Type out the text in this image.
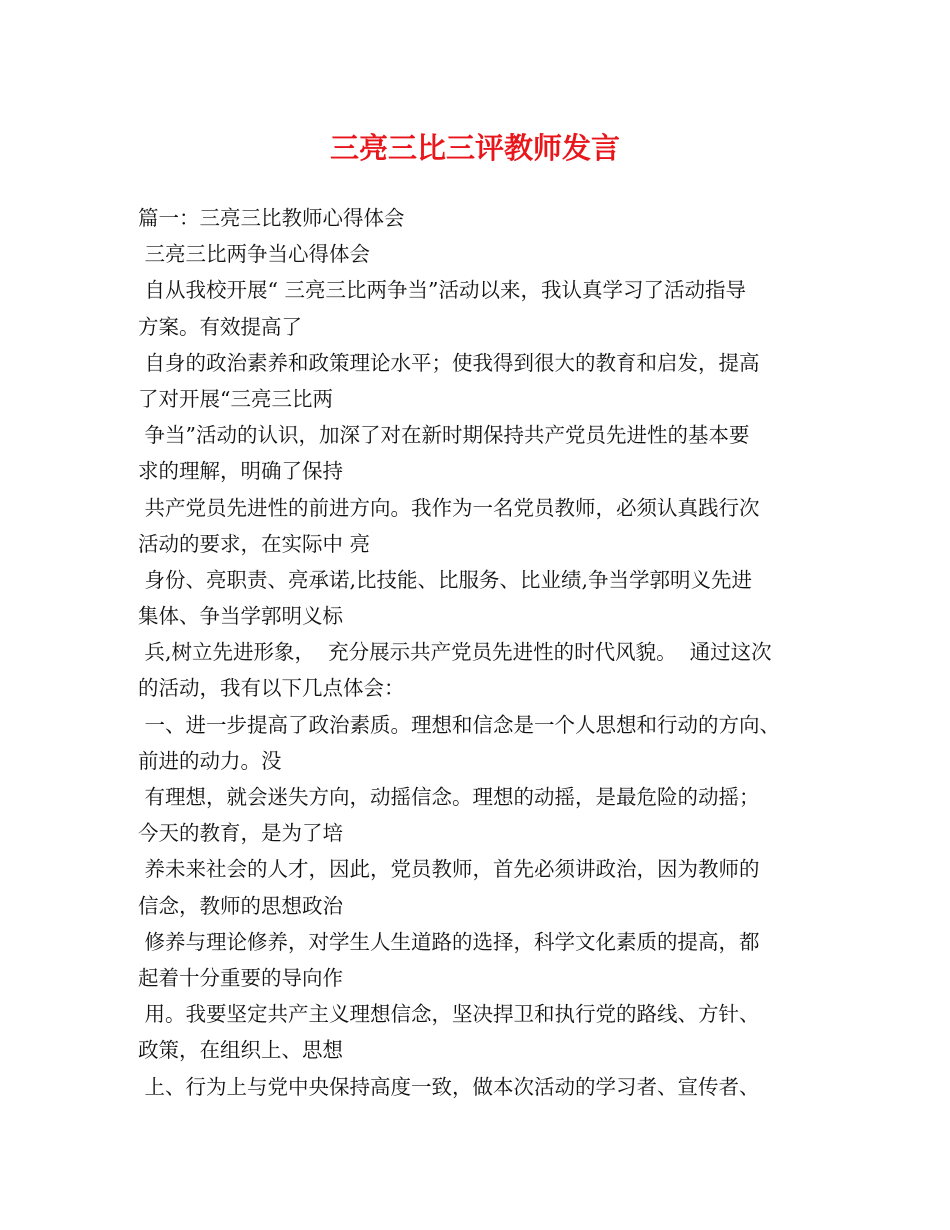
三亮三比三评教师发言
篇一：三亮三比教师心得体会
三亮三比两争当心得体会
自从我校开展“ 三亮三比两争当”活动以来，我认真学习了活动指导
方案。有效提高了
自身的政治素养和政策理论水平；使我得到很大的教育和启发，提高
了对开展“三亮三比两
争当”活动的认识，加深了对在新时期保持共产党员先进性的基本要
求的理解，明确了保持
共产党员先进性的前进方向。我作为一名党员教师，必须认真践行次
活动的要求，在实际中 亮
身份、亮职责、亮承诺,比技能、比服务、比业绩,争当学郭明义先进
集体、争当学郭明义标
兵,树立先进形象，  充分展示共产党员先进性的时代风貌。  通过这次
的活动，我有以下几点体会：
一、进一步提高了政治素质。理想和信念是一个人思想和行动的方向、
前进的动力。没
有理想，就会迷失方向，动摇信念。理想的动摇，是最危险的动摇；
今天的教育，是为了培
养未来社会的人才，因此，党员教师，首先必须讲政治，因为教师的
信念，教师的思想政治
修养与理论修养，对学生人生道路的选择，科学文化素质的提高，都
起着十分重要的导向作
用。我要坚定共产主义理想信念，坚决捍卫和执行党的路线、方针、
政策，在组织上、思想
上、行为上与党中央保持高度一致，做本次活动的学习者、宣传者、
